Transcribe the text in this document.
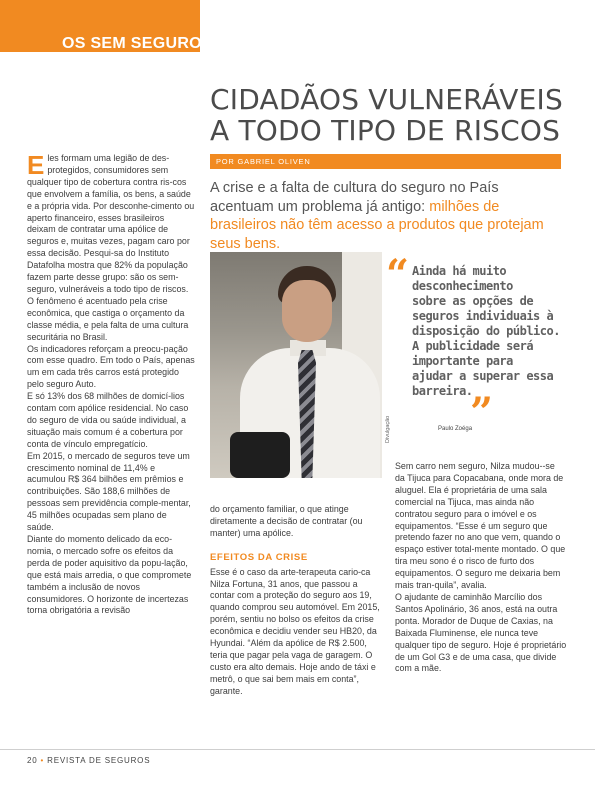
OS SEM SEGURO
CIDADÃOS VULNERÁVEIS
A TODO TIPO DE RISCOS
POR GABRIEL OLIVEN
A crise e a falta de cultura do seguro no País acentuam um problema já antigo: milhões de brasileiros não têm acesso a produtos que protejam seus bens.

Eles formam uma legião de des-protegidos, consumidores sem qualquer tipo de cobertura contra ris-cos que envolvem a família, os bens, a saúde e a própria vida. Por desconhe-cimento ou aperto financeiro, esses brasileiros deixam de contratar uma apólice de seguros e, muitas vezes, pagam caro por essa decisão. Pesqui-sa do Instituto Datafolha mostra que 82% da população fazem parte desse grupo: são os sem-seguro, vulneráveis a todo tipo de riscos. O fenômeno é acentuado pela crise econômica, que castiga o orçamento da classe média, e pela falta de uma cultura securitária no Brasil.

Os indicadores reforçam a preocu-pação com esse quadro. Em todo o País, apenas um em cada três carros está protegido pelo seguro Auto.

E só 13% dos 68 milhões de domicí-lios contam com apólice residencial. No caso do seguro de vida ou saúde individual, a situação mais comum é a cobertura por conta de vínculo empregatício.

Em 2015, o mercado de seguros teve um crescimento nominal de 11,4% e acumulou R$ 364 bilhões em prêmios e contribuições. São 188,6 milhões de pessoas sem previdência comple-mentar, 45 milhões ocupadas sem plano de saúde.

Diante do momento delicado da eco-nomia, o mercado sofre os efeitos da perda de poder aquisitivo da popu-lação, que está mais arredia, o que compromete também a inclusão de novos consumidores. O horizonte de incertezas torna obrigatória a revisão

Divulgação
“ Ainda há muito
desconhecimento
sobre as opções de
seguros individuais à
disposição do público.
A publicidade será
importante para
ajudar a superar essa
barreira.
”
Paulo Zoéga

do orçamento familiar, o que atinge diretamente a decisão de contratar (ou manter) uma apólice.

EFEITOS DA CRISE

Esse é o caso da arte-terapeuta cario-ca Nilza Fortuna, 31 anos, que passou a contar com a proteção do seguro aos 19, quando comprou seu automóvel. Em 2015, porém, sentiu no bolso os efeitos da crise econômica e decidiu vender seu HB20, da Hyundai. “Além da apólice de R$ 2.500, teria que pagar pela vaga de garagem. O custo era alto demais. Hoje ando de táxi e metrô, o que sai bem mais em conta”, garante.

Sem carro nem seguro, Nilza mudou--se da Tijuca para Copacabana, onde mora de aluguel. Ela é proprietária de uma sala comercial na Tijuca, mas ainda não contratou seguro para o imóvel e os equipamentos. “Esse é um seguro que pretendo fazer no ano que vem, quando o espaço estiver total-mente montado. O que tira meu sono é o risco de furto dos equipamentos. O seguro me deixaria bem mais tran-quila”, avalia.

O ajudante de caminhão Marcílio dos Santos Apolinário, 36 anos, está na outra ponta. Morador de Duque de Caxias, na Baixada Fluminense, ele nunca teve qualquer tipo de seguro. Hoje é proprietário de um Gol G3 e de uma casa, que divide com a mãe.

20 • REVISTA DE SEGUROS
